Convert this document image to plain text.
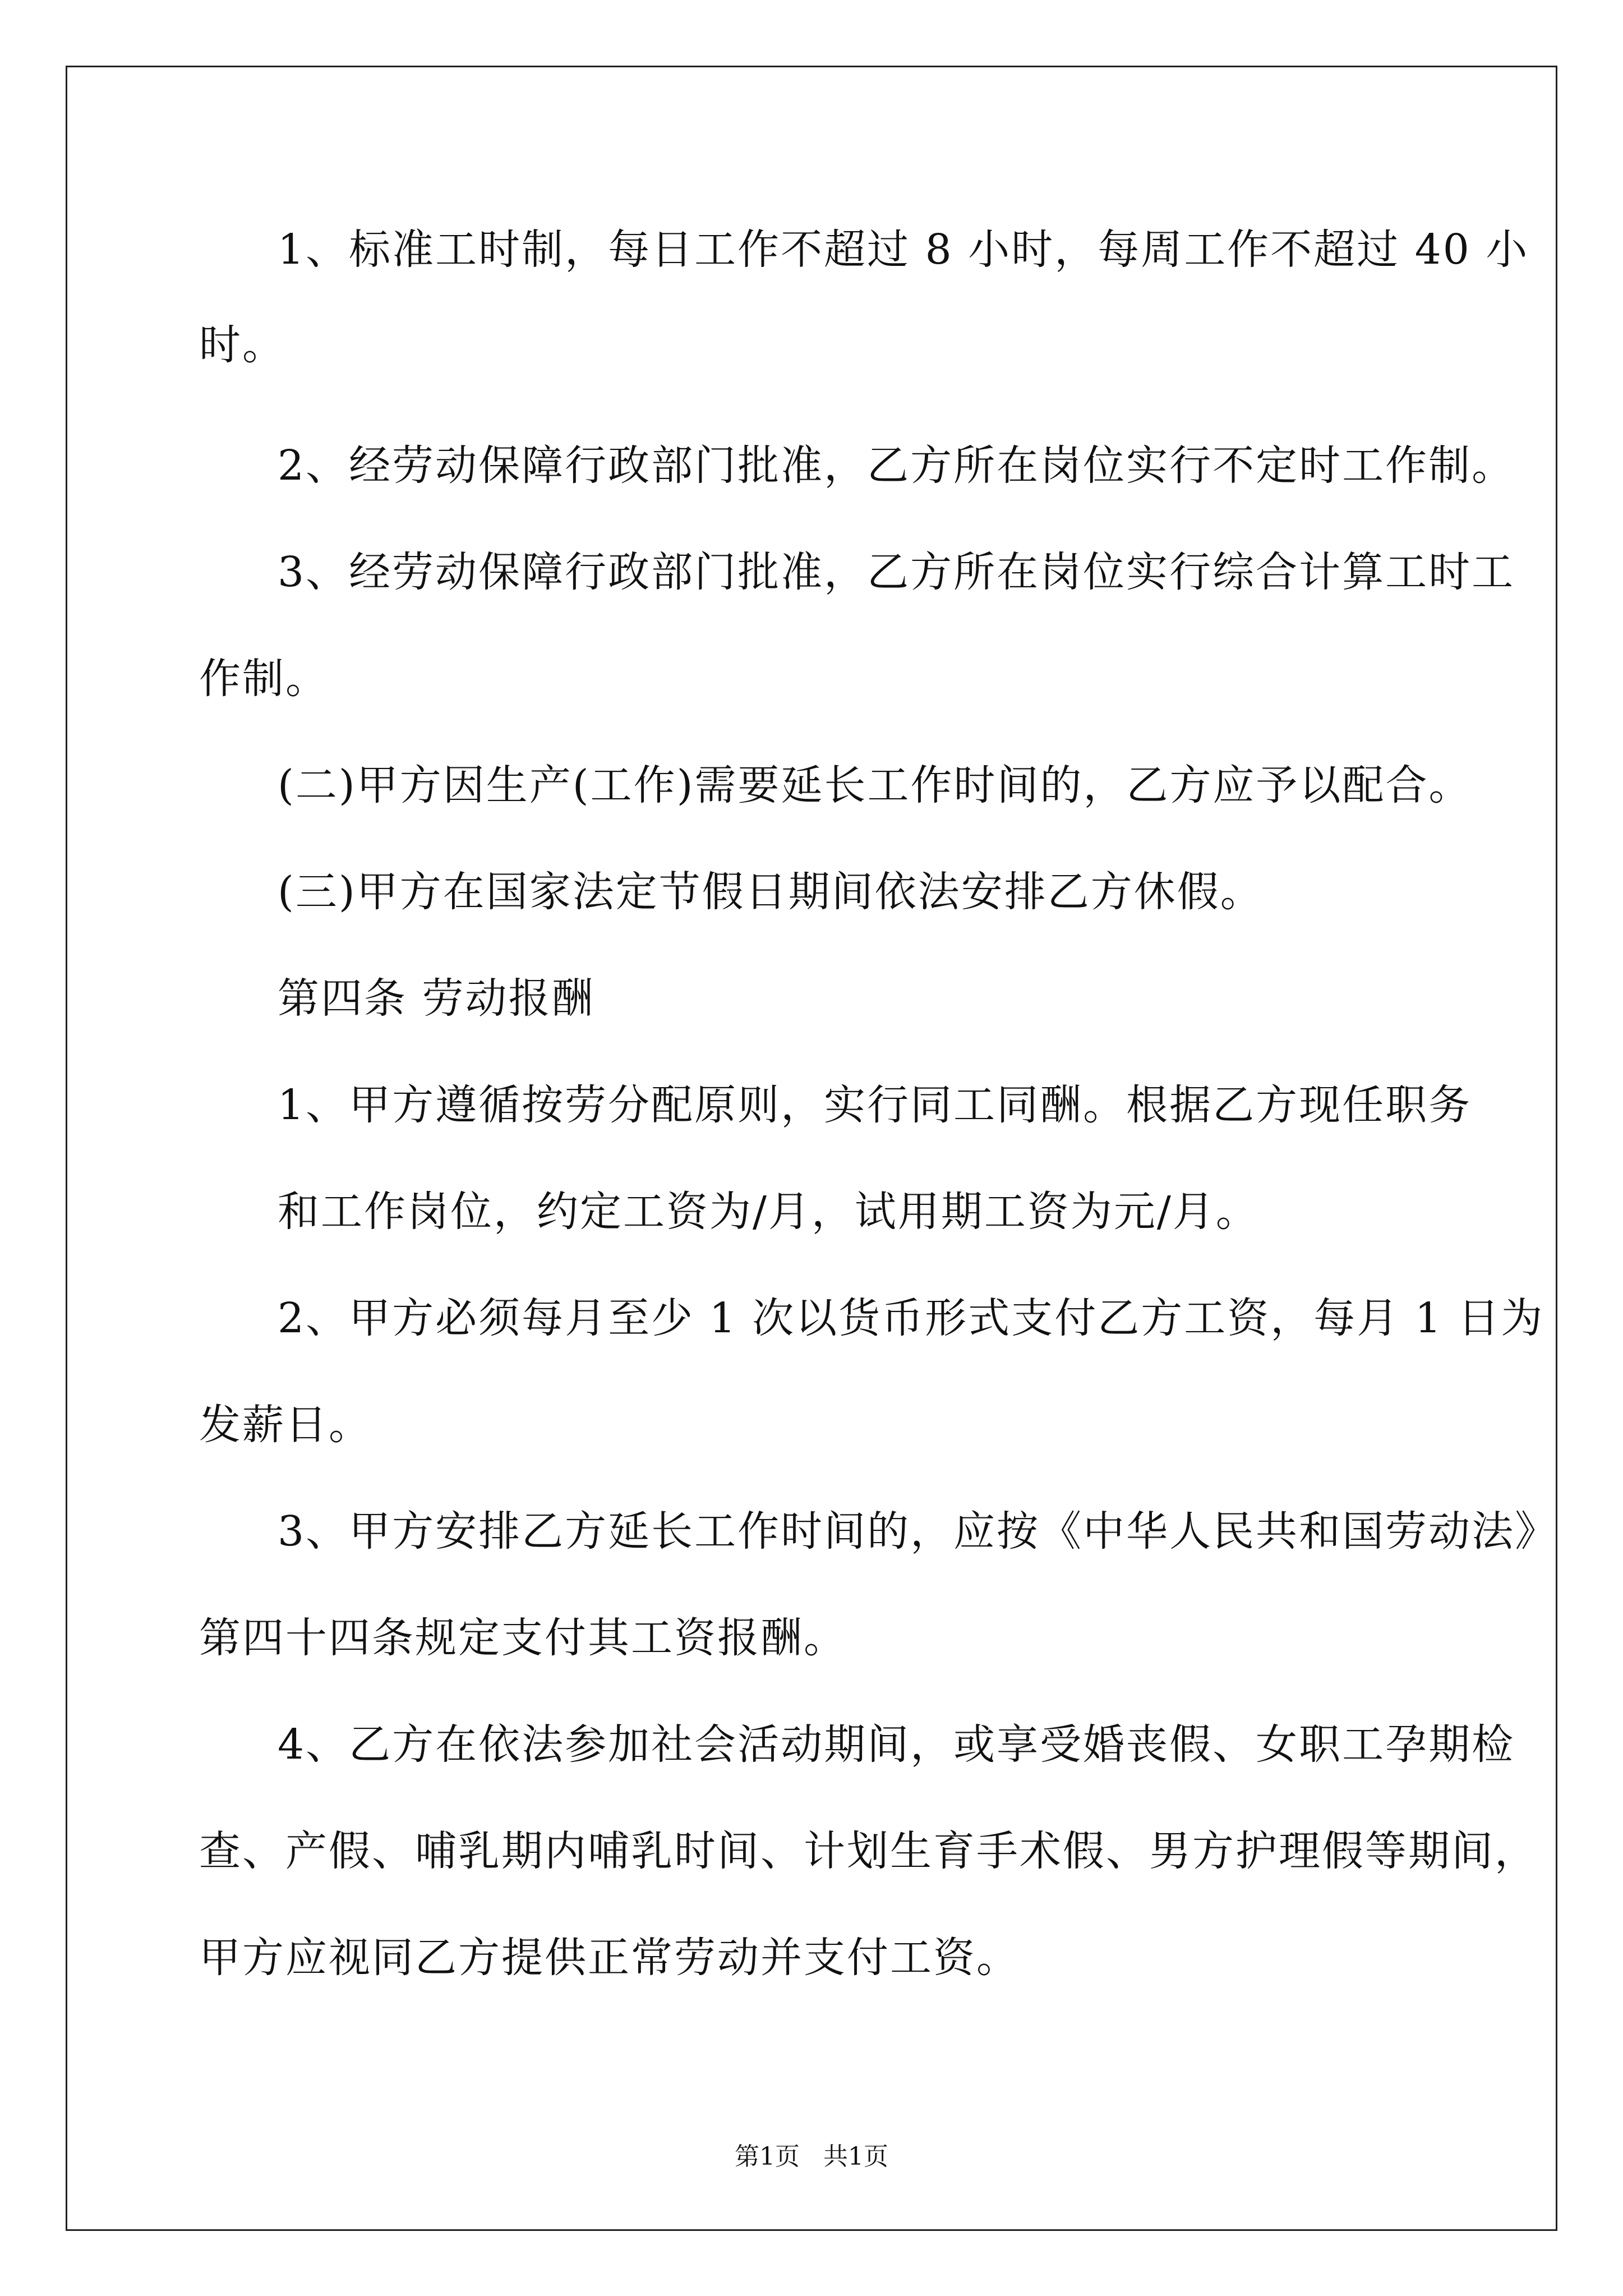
1、标准工时制，每日工作不超过 8 小时，每周工作不超过 40 小
时。
2、经劳动保障行政部门批准，乙方所在岗位实行不定时工作制。
3、经劳动保障行政部门批准，乙方所在岗位实行综合计算工时工
作制。
(二)甲方因生产(工作)需要延长工作时间的，乙方应予以配合。
(三)甲方在国家法定节假日期间依法安排乙方休假。
第四条 劳动报酬
1、甲方遵循按劳分配原则，实行同工同酬。根据乙方现任职务
和工作岗位，约定工资为/月，试用期工资为元/月。
2、甲方必须每月至少 1 次以货币形式支付乙方工资，每月 1 日为
发薪日。
3、甲方安排乙方延长工作时间的，应按《中华人民共和国劳动法》
第四十四条规定支付其工资报酬。
4、乙方在依法参加社会活动期间，或享受婚丧假、女职工孕期检
查、产假、哺乳期内哺乳时间、计划生育手术假、男方护理假等期间，
甲方应视同乙方提供正常劳动并支付工资。
第1页   共1页
